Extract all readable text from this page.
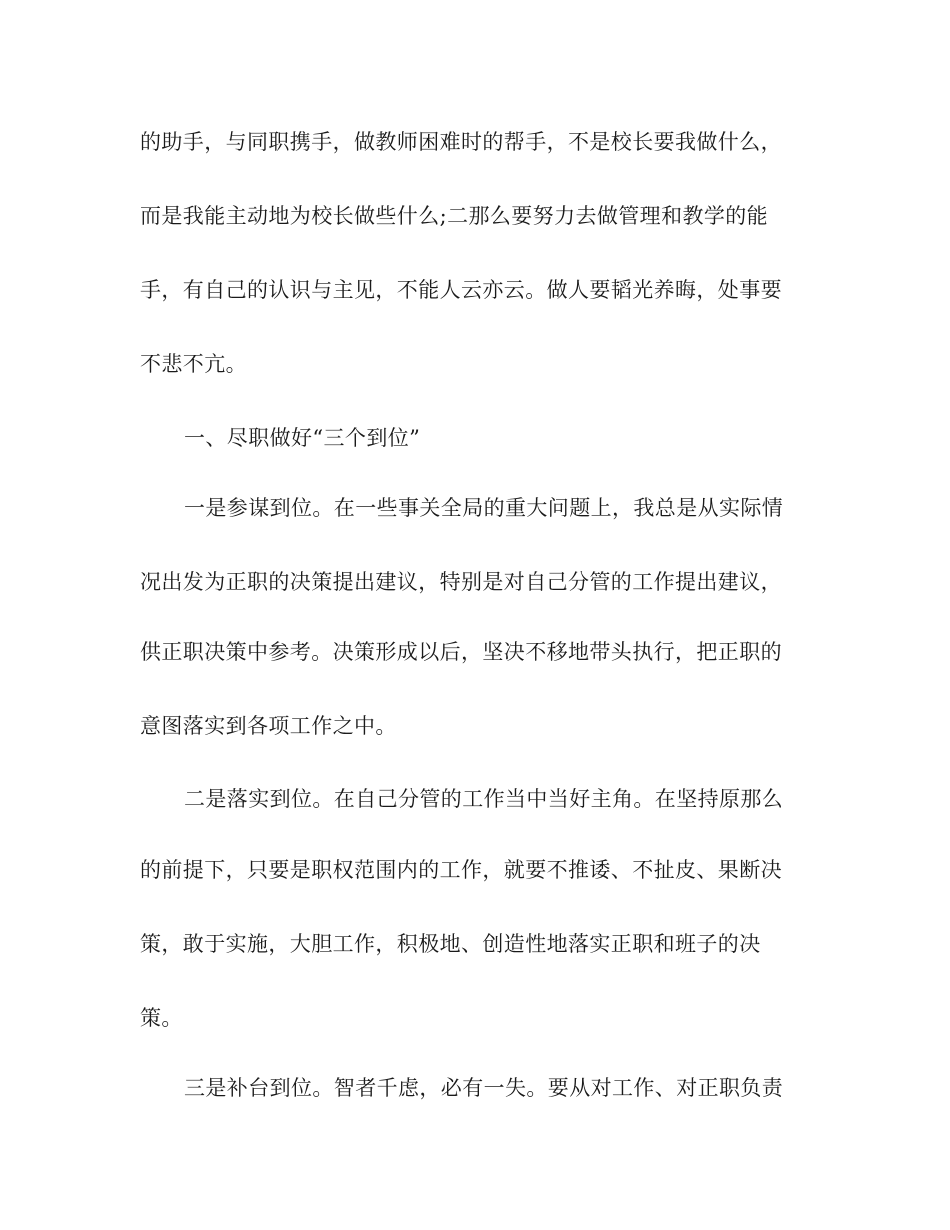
的助手，与同职携手，做教师困难时的帮手，不是校长要我做什么，
而是我能主动地为校长做些什么;二那么要努力去做管理和教学的能
手，有自己的认识与主见，不能人云亦云。做人要韬光养晦，处事要
不悲不亢。
一、尽职做好“三个到位”
一是参谋到位。在一些事关全局的重大问题上，我总是从实际情
况出发为正职的决策提出建议，特别是对自己分管的工作提出建议，
供正职决策中参考。决策形成以后，坚决不移地带头执行，把正职的
意图落实到各项工作之中。
二是落实到位。在自己分管的工作当中当好主角。在坚持原那么
的前提下，只要是职权范围内的工作，就要不推诿、不扯皮、果断决
策，敢于实施，大胆工作，积极地、创造性地落实正职和班子的决
策。
三是补台到位。智者千虑，必有一失。要从对工作、对正职负责
